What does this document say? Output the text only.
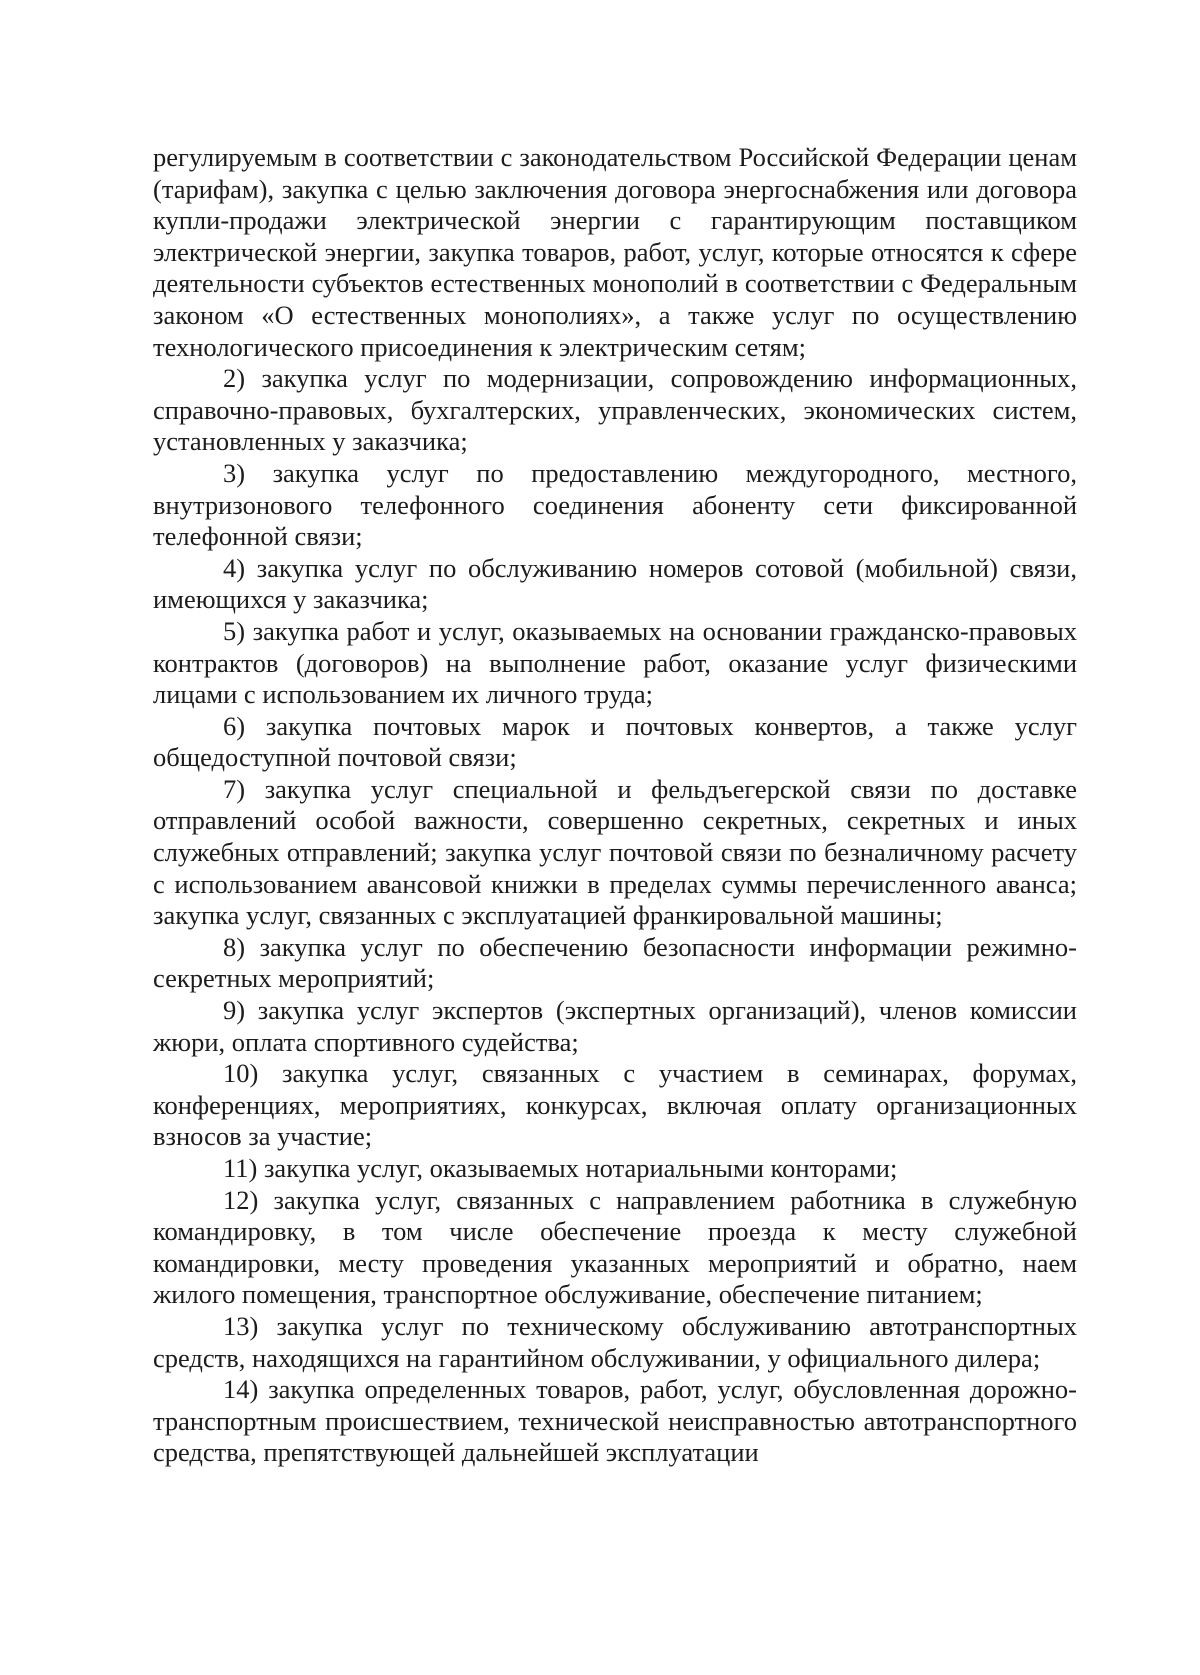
регулируемым в соответствии с законодательством Российской Федерации ценам (тарифам), закупка с целью заключения договора энергоснабжения или договора купли-продажи электрической энергии с гарантирующим поставщиком электрической энергии, закупка товаров, работ, услуг, которые относятся к сфере деятельности субъектов естественных монополий в соответствии с Федеральным законом «О естественных монополиях», а также услуг по осуществлению технологического присоединения к электрическим сетям;

2) закупка услуг по модернизации, сопровождению информационных, справочно-правовых, бухгалтерских, управленческих, экономических систем, установленных у заказчика;

3) закупка услуг по предоставлению междугородного, местного, внутризонового телефонного соединения абоненту сети фиксированной телефонной связи;

4) закупка услуг по обслуживанию номеров сотовой (мобильной) связи, имеющихся у заказчика;

5) закупка работ и услуг, оказываемых на основании гражданско-правовых контрактов (договоров) на выполнение работ, оказание услуг физическими лицами с использованием их личного труда;

6) закупка почтовых марок и почтовых конвертов, а также услуг общедоступной почтовой связи;

7) закупка услуг специальной и фельдъегерской связи по доставке отправлений особой важности, совершенно секретных, секретных и иных служебных отправлений; закупка услуг почтовой связи по безналичному расчету с использованием авансовой книжки в пределах суммы перечисленного аванса; закупка услуг, связанных с эксплуатацией франкировальной машины;

8) закупка услуг по обеспечению безопасности информации режимно-секретных мероприятий;

9) закупка услуг экспертов (экспертных организаций), членов комиссии жюри, оплата спортивного судейства;

10) закупка услуг, связанных с участием в семинарах, форумах, конференциях, мероприятиях, конкурсах, включая оплату организационных взносов за участие;

11) закупка услуг, оказываемых нотариальными конторами;

12) закупка услуг, связанных с направлением работника в служебную командировку, в том числе обеспечение проезда к месту служебной командировки, месту проведения указанных мероприятий и обратно, наем жилого помещения, транспортное обслуживание, обеспечение питанием;

13) закупка услуг по техническому обслуживанию автотранспортных средств, находящихся на гарантийном обслуживании, у официального дилера;

14) закупка определенных товаров, работ, услуг, обусловленная дорожно-транспортным происшествием, технической неисправностью автотранспортного средства, препятствующей дальнейшей эксплуатации
